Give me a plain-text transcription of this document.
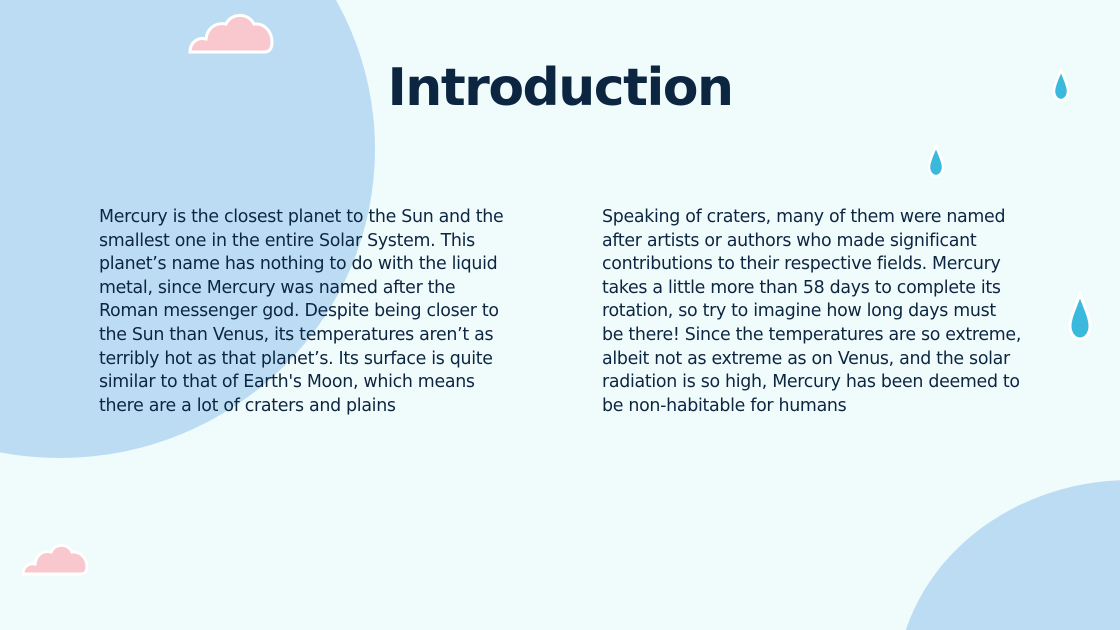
Introduction

Mercury is the closest planet to the Sun and the smallest one in the entire Solar System. This planet’s name has nothing to do with the liquid metal, since Mercury was named after the Roman messenger god. Despite being closer to the Sun than Venus, its temperatures aren’t as terribly hot as that planet’s. Its surface is quite similar to that of Earth's Moon, which means there are a lot of craters and plains

Speaking of craters, many of them were named after artists or authors who made significant contributions to their respective fields. Mercury takes a little more than 58 days to complete its rotation, so try to imagine how long days must be there! Since the temperatures are so extreme, albeit not as extreme as on Venus, and the solar radiation is so high, Mercury has been deemed to be non-habitable for humans
